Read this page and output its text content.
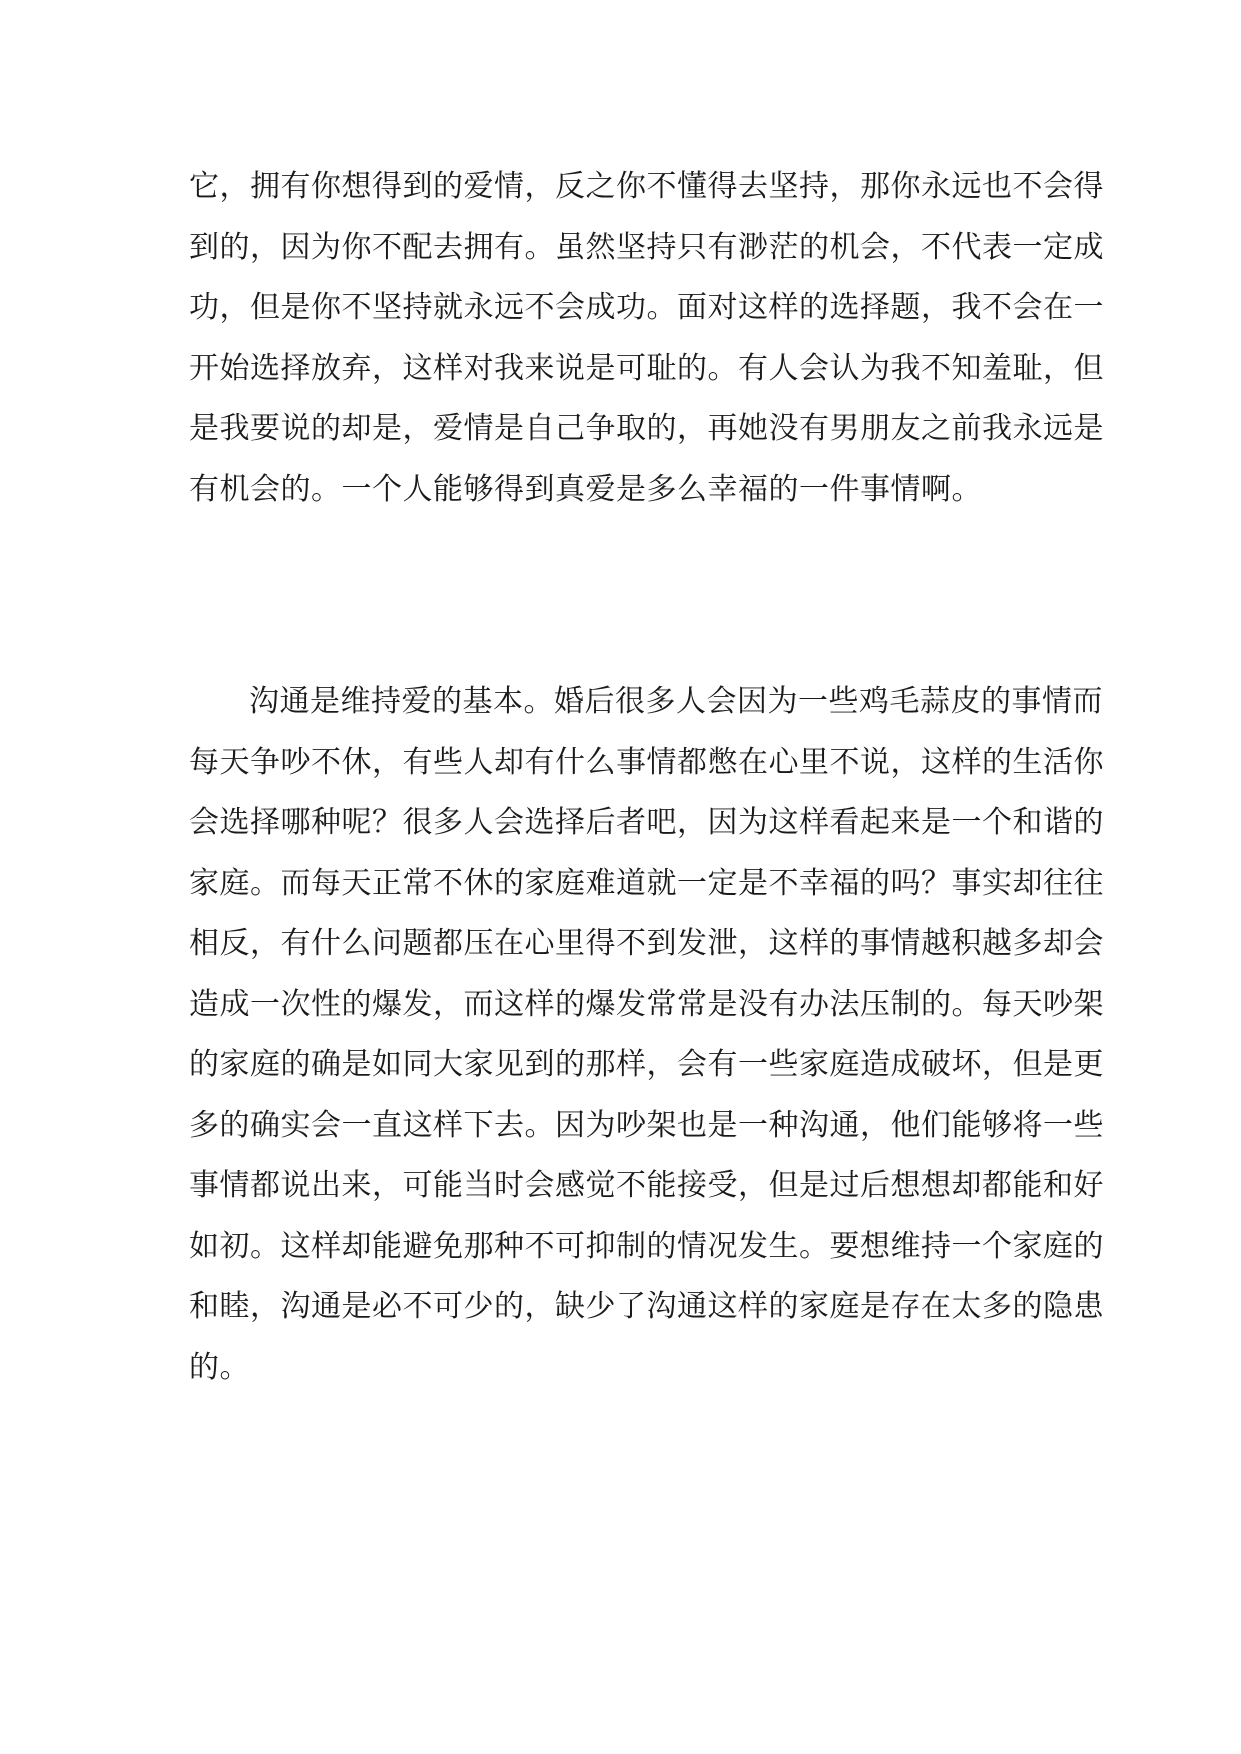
它，拥有你想得到的爱情，反之你不懂得去坚持，那你永远也不会得
到的，因为你不配去拥有。虽然坚持只有渺茫的机会，不代表一定成
功，但是你不坚持就永远不会成功。面对这样的选择题，我不会在一
开始选择放弃，这样对我来说是可耻的。有人会认为我不知羞耻，但
是我要说的却是，爱情是自己争取的，再她没有男朋友之前我永远是
有机会的。一个人能够得到真爱是多么幸福的一件事情啊。
沟通是维持爱的基本。婚后很多人会因为一些鸡毛蒜皮的事情而
每天争吵不休，有些人却有什么事情都憋在心里不说，这样的生活你
会选择哪种呢？很多人会选择后者吧，因为这样看起来是一个和谐的
家庭。而每天正常不休的家庭难道就一定是不幸福的吗？事实却往往
相反，有什么问题都压在心里得不到发泄，这样的事情越积越多却会
造成一次性的爆发，而这样的爆发常常是没有办法压制的。每天吵架
的家庭的确是如同大家见到的那样，会有一些家庭造成破坏，但是更
多的确实会一直这样下去。因为吵架也是一种沟通，他们能够将一些
事情都说出来，可能当时会感觉不能接受，但是过后想想却都能和好
如初。这样却能避免那种不可抑制的情况发生。要想维持一个家庭的
和睦，沟通是必不可少的，缺少了沟通这样的家庭是存在太多的隐患
的。
